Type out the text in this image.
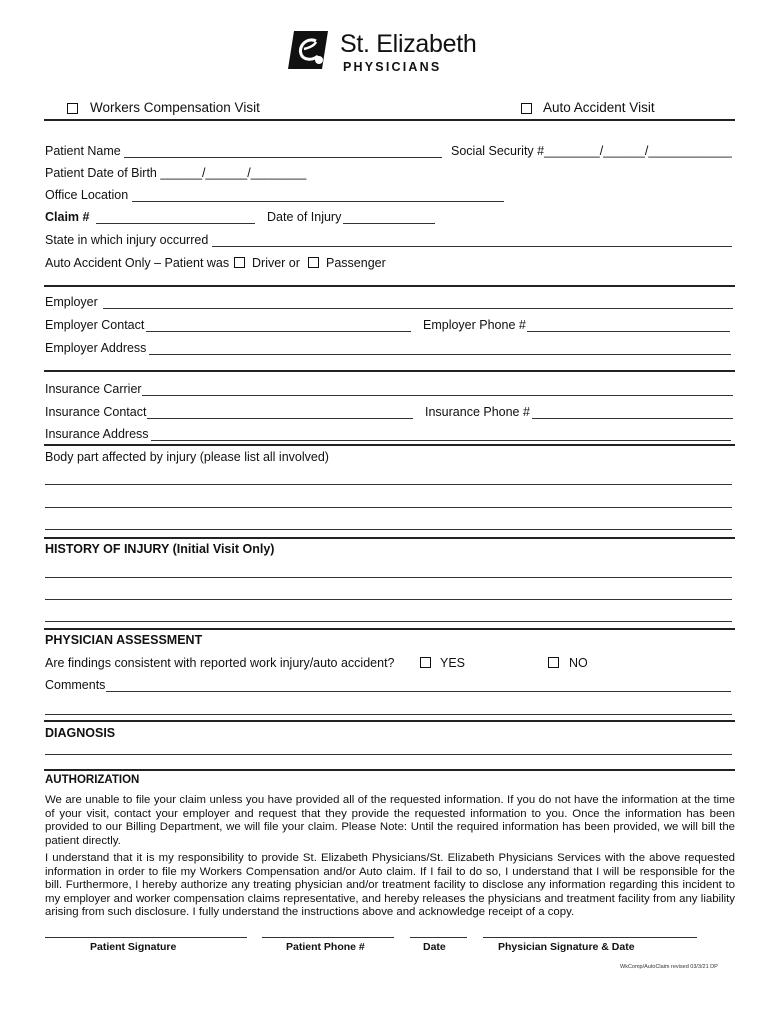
St. Elizabeth
PHYSICIANS
Workers Compensation Visit	Auto Accident Visit
Patient Name	Social Security #________/______/____________
Patient Date of Birth ______/______/________
Office Location
Claim #	Date of Injury
State in which injury occurred
Auto Accident Only – Patient was Driver or Passenger
Employer
Employer Contact	Employer Phone #
Employer Address
Insurance Carrier
Insurance Contact	Insurance Phone #
Insurance Address
Body part affected by injury (please list all involved)
HISTORY OF INJURY (Initial Visit Only)
PHYSICIAN ASSESSMENT
Are findings consistent with reported work injury/auto accident?	YES	NO
Comments
DIAGNOSIS
AUTHORIZATION
We are unable to file your claim unless you have provided all of the requested information. If you do not have the information at the time of your visit, contact your employer and request that they provide the requested information to you. Once the information has been provided to our Billing Department, we will file your claim. Please Note: Until the required information has been provided, we will bill the patient directly.
I understand that it is my responsibility to provide St. Elizabeth Physicians/St. Elizabeth Physicians Services with the above requested information in order to file my Workers Compensation and/or Auto claim. If I fail to do so, I understand that I will be responsible for the bill. Furthermore, I hereby authorize any treating physician and/or treatment facility to disclose any information regarding this incident to my employer and worker compensation claims representative, and hereby releases the physicians and treatment facility from any liability arising from such disclosure. I fully understand the instructions above and acknowledge receipt of a copy.
Patient Signature	Patient Phone #	Date	Physician Signature & Date
WkComp/AutoClaim revised 03/3/21 DP
